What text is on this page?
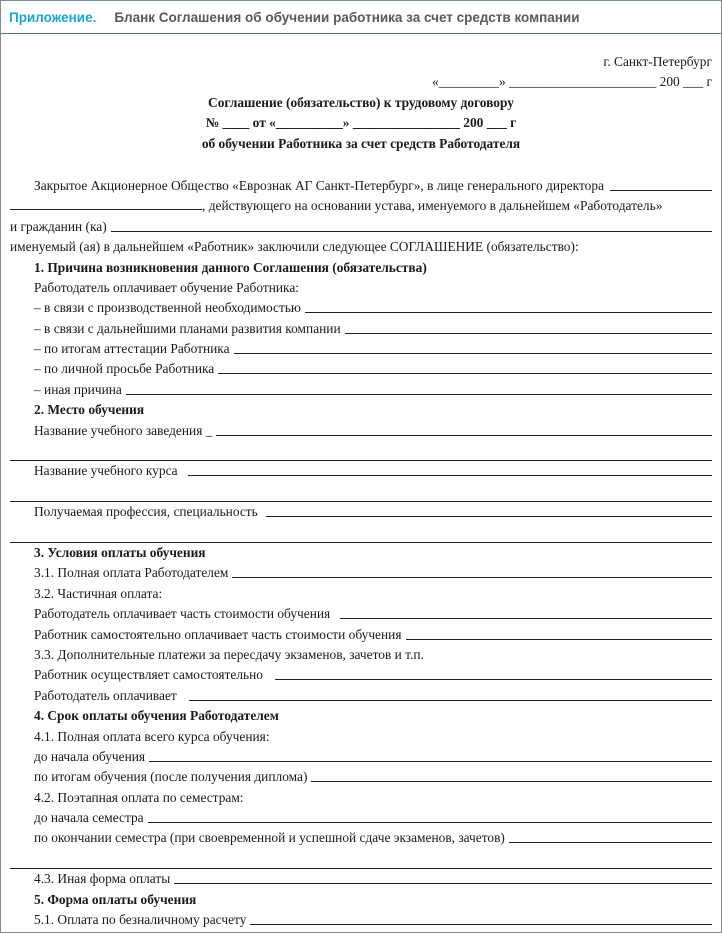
Приложение. Бланк Соглашения об обучении работника за счет средств компании
г. Санкт-Петербург
«_________» ______________________ 200 ___ г
Соглашение (обязательство) к трудовому договору
№ ____ от «__________» ________________ 200 ___ г
об обучении Работника за счет средств Работодателя
Закрытое Акционерное Общество «Еврознак АГ Санкт-Петербург», в лице генерального директора
, действующего на основании устава, именуемого в дальнейшем «Работодатель»
и гражданин (ка)
именуемый (ая) в дальнейшем «Работник» заключили следующее СОГЛАШЕНИЕ (обязательство):
1. Причина возникновения данного Соглашения (обязательства)
Работодатель оплачивает обучение Работника:
– в связи с производственной необходимостью
– в связи с дальнейшими планами развития компании
– по итогам аттестации Работника
– по личной просьбе Работника
– иная причина
2. Место обучения
Название учебного заведения _
Название учебного курса
Получаемая профессия, специальность
3. Условия оплаты обучения
3.1. Полная оплата Работодателем
3.2. Частичная оплата:
Работодатель оплачивает часть стоимости обучения
Работник самостоятельно оплачивает часть стоимости обучения
3.3. Дополнительные платежи за пересдачу экзаменов, зачетов и т.п.
Работник осуществляет самостоятельно
Работодатель оплачивает
4. Срок оплаты обучения Работодателем
4.1. Полная оплата всего курса обучения:
до начала обучения
по итогам обучения (после получения диплома)
4.2. Поэтапная оплата по семестрам:
до начала семестра
по окончании семестра (при своевременной и успешной сдаче экзаменов, зачетов)
4.3. Иная форма оплаты
5. Форма оплаты обучения
5.1. Оплата по безналичному расчету
